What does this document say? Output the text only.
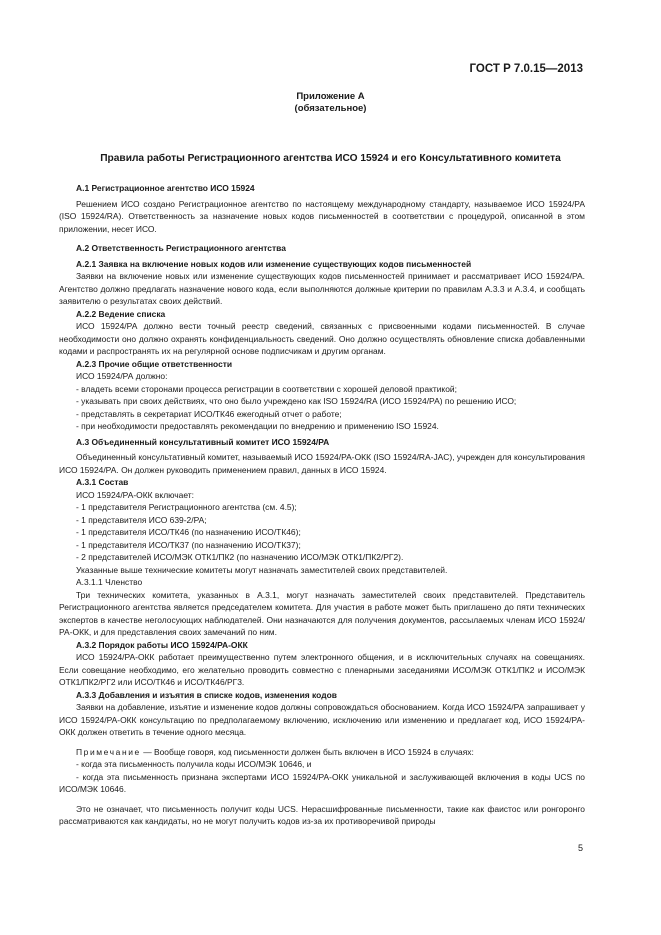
ГОСТ Р 7.0.15—2013
Приложение А
(обязательное)
Правила работы Регистрационного агентства ИСО 15924 и его Консультативного комитета

А.1 Регистрационное агентство ИСО 15924

Решением ИСО создано Регистрационное агентство по настоящему международному стандарту, называемое ИСО 15924/РА (ISO 15924/RA). Ответственность за назначение новых кодов письменностей в соответствии с процедурой, описанной в этом приложении, несет ИСО.

А.2 Ответственность Регистрационного агентства

А.2.1 Заявка на включение новых кодов или изменение существующих кодов письменностей

Заявки на включение новых или изменение существующих кодов письменностей принимает и рассматривает ИСО 15924/РА. Агентство должно предлагать назначение нового кода, если выполняются должные критерии по правилам А.3.3 и А.3.4, и сообщать заявителю о результатах своих действий.

А.2.2 Ведение списка

ИСО 15924/РА должно вести точный реестр сведений, связанных с присвоенными кодами письменностей. В случае необходимости оно должно охранять конфиденциальность сведений. Оно должно осуществлять обновление списка добавленными кодами и распространять их на регулярной основе подписчикам и другим органам.

А.2.3 Прочие общие ответственности

ИСО 15924/РА должно:

- владеть всеми сторонами процесса регистрации в соответствии с хорошей деловой практикой;

- указывать при своих действиях, что оно было учреждено как ISO 15924/RA (ИСО 15924/РА) по решению ИСО;

- представлять в секретариат ИСО/ТК46 ежегодный отчет о работе;

- при необходимости предоставлять рекомендации по внедрению и применению ISO 15924.

А.3 Объединенный консультативный комитет ИСО 15924/РА

Объединенный консультативный комитет, называемый ИСО 15924/РА-ОКК (ISO 15924/RA-JAC), учрежден для консультирования ИСО 15924/РА. Он должен руководить применением правил, данных в ИСО 15924.

А.3.1 Состав

ИСО 15924/РА-ОКК включает:

- 1 представителя Регистрационного агентства (см. 4.5);

- 1 представителя ИСО 639-2/РА;

- 1 представителя ИСО/ТК46 (по назначению ИСО/ТК46);

- 1 представителя ИСО/ТК37 (по назначению ИСО/ТК37);

- 2 представителей ИСО/МЭК ОТК1/ПК2 (по назначению ИСО/МЭК ОТК1/ПК2/РГ2).

Указанные выше технические комитеты могут назначать заместителей своих представителей.

А.3.1.1 Членство

Три технических комитета, указанных в А.3.1, могут назначать заместителей своих представителей. Представитель Регистрационного агентства является председателем комитета. Для участия в работе может быть приглашено до пяти технических экспертов в качестве неголосующих наблюдателей. Они назначаются для получения документов, рассылаемых членам ИСО 15924/РА-ОКК, и для представления своих замечаний по ним.

А.3.2 Порядок работы ИСО 15924/РА-ОКК

ИСО 15924/РА-ОКК работает преимущественно путем электронного общения, и в исключительных случаях на совещаниях. Если совещание необходимо, его желательно проводить совместно с пленарными заседаниями ИСО/МЭК ОТК1/ПК2 и ИСО/МЭК ОТК1/ПК2/РГ2 или ИСО/ТК46 и ИСО/ТК46/РГ3.

А.3.3 Добавления и изъятия в списке кодов, изменения кодов

Заявки на добавление, изъятие и изменение кодов должны сопровождаться обоснованием. Когда ИСО 15924/РА запрашивает у ИСО 15924/РА-ОКК консультацию по предполагаемому включению, исключению или изменению и предлагает код, ИСО 15924/РА-ОКК должен ответить в течение одного месяца.

Примечание — Вообще говоря, код письменности должен быть включен в ИСО 15924 в случаях:

- когда эта письменность получила коды ИСО/МЭК 10646, и

- когда эта письменность признана экспертами ИСО 15924/РА-ОКК уникальной и заслуживающей включения в коды UCS по ИСО/МЭК 10646.

Это не означает, что письменность получит коды UCS. Нерасшифрованные письменности, такие как фаистос или ронгоронго рассматриваются как кандидаты, но не могут получить кодов из-за их противоречивой природы

5
